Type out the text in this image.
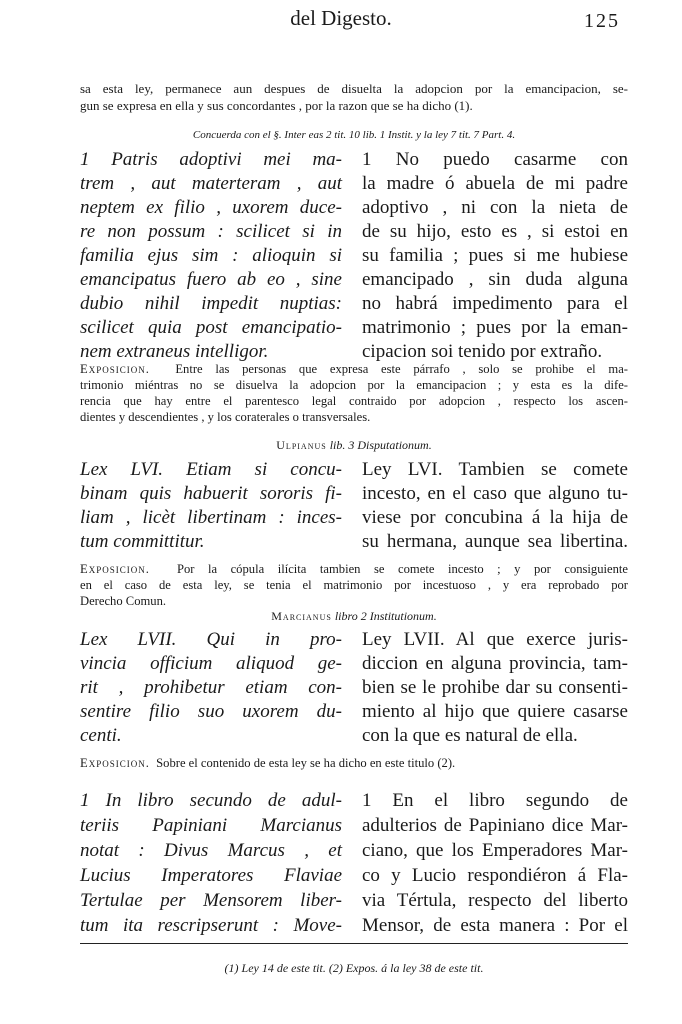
del Digesto.	125
sa esta ley, permanece aun despues de disuelta la adopcion por la emancipacion, se-
gun se expresa en ella y sus concordantes , por la razon que se ha dicho (1).
Concuerda con el §. Inter eas 2 tit. 10 lib. 1 Instit. y la ley 7 tit. 7 Part. 4.
1 Patris adoptivi mei ma-
trem , aut materteram , aut
neptem ex filio , uxorem duce-
re non possum : scilicet si in
familia ejus sim : alioquin si
emancipatus fuero ab eo , sine
dubio nihil impedit nuptias:
scilicet quia post emancipatio-
nem extraneus intelligor.
1 No puedo casarme con
la madre ó abuela de mi padre
adoptivo , ni con la nieta de
de su hijo, esto es , si estoi en
su familia ; pues si me hubiese
emancipado , sin duda alguna
no habrá impedimento para el
matrimonio ; pues por la eman-
cipacion soi tenido por extraño.
Exposicion. Entre las personas que expresa este párrafo , solo se prohibe el ma-
trimonio miéntras no se disuelva la adopcion por la emancipacion ; y esta es la dife-
rencia que hay entre el parentesco legal contraido por adopcion , respecto los ascen-
dientes y descendientes , y los coraterales o transversales.
Ulpianus lib. 3 Disputationum.
Lex LVI. Etiam si concu-
binam quis habuerit sororis fi-
liam , licèt libertinam : inces-
tum committitur.
Ley LVI. Tambien se comete
incesto, en el caso que alguno tu-
viese por concubina á la hija de
su hermana, aunque sea libertina.
Exposicion. Por la cópula ilícita tambien se comete incesto ; y por consiguiente
en el caso de esta ley, se tenia el matrimonio por incestuoso , y era reprobado por
Derecho Comun.
Marcianus libro 2 Institutionum.
Lex LVII. Qui in pro-
vincia officium aliquod ge-
rit , prohibetur etiam con-
sentire filio suo uxorem du-
centi.
Ley LVII. Al que exerce juris-
diccion en alguna provincia, tam-
bien se le prohibe dar su consenti-
miento al hijo que quiere casarse
con la que es natural de ella.
Exposicion. Sobre el contenido de esta ley se ha dicho en este titulo (2).
1 In libro secundo de adul-
teriis Papiniani Marcianus
notat : Divus Marcus , et
Lucius Imperatores Flaviae
Tertulae per Mensorem liber-
tum ita rescripserunt : Move-
1 En el libro segundo de
adulterios de Papiniano dice Mar-
ciano, que los Emperadores Mar-
co y Lucio respondiéron á Fla-
via Tértula, respecto del liberto
Mensor, de esta manera : Por el
(1) Ley 14 de este tit. (2) Expos. á la ley 38 de este tit.
